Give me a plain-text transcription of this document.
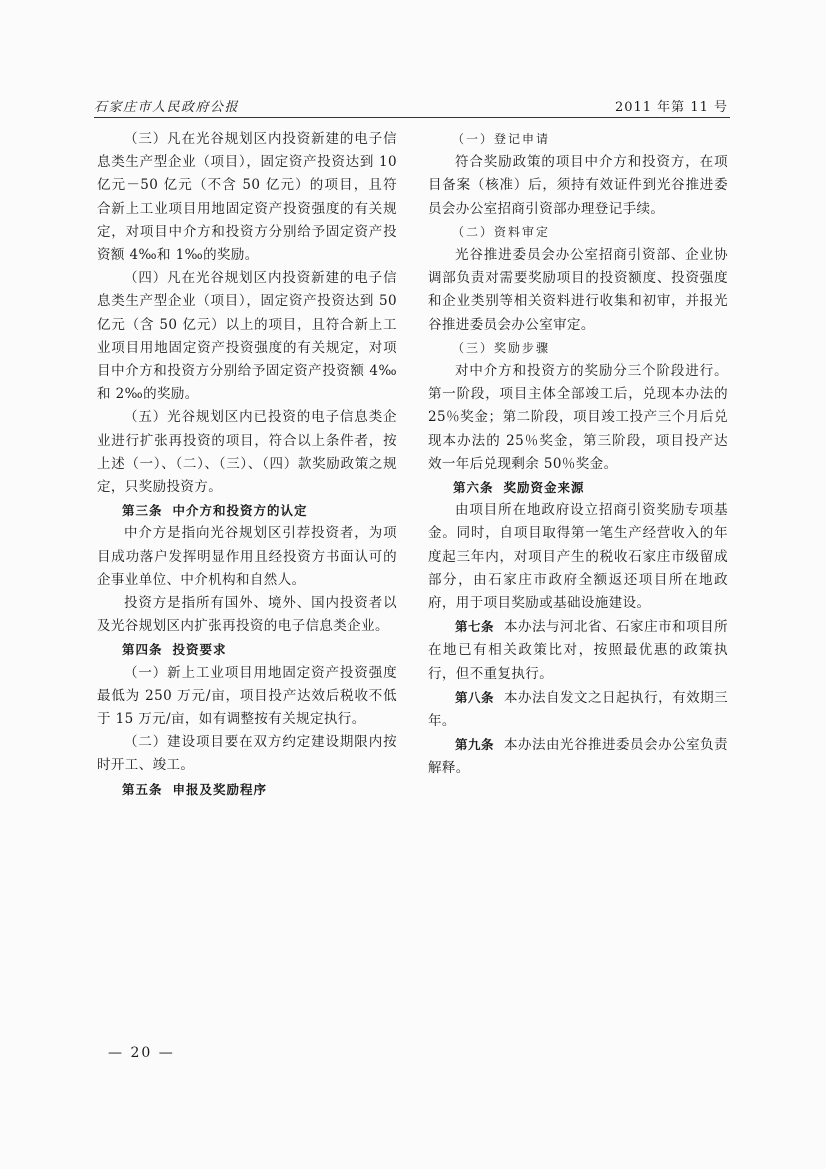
石家庄市人民政府公报	2011 年第 11 号

（三）凡在光谷规划区内投资新建的电子信息类生产型企业（项目），固定资产投资达到 10 亿元－50 亿元（不含 50 亿元）的项目，且符合新上工业项目用地固定资产投资强度的有关规定，对项目中介方和投资方分别给予固定资产投资额 4‰和 1‰的奖励。

（四）凡在光谷规划区内投资新建的电子信息类生产型企业（项目），固定资产投资达到 50 亿元（含 50 亿元）以上的项目，且符合新上工业项目用地固定资产投资强度的有关规定，对项目中介方和投资方分别给予固定资产投资额 4‰和 2‰的奖励。

（五）光谷规划区内已投资的电子信息类企业进行扩张再投资的项目，符合以上条件者，按上述（一）、（二）、（三）、（四）款奖励政策之规定，只奖励投资方。

第三条 中介方和投资方的认定

中介方是指向光谷规划区引荐投资者，为项目成功落户发挥明显作用且经投资方书面认可的企事业单位、中介机构和自然人。

投资方是指所有国外、境外、国内投资者以及光谷规划区内扩张再投资的电子信息类企业。

第四条 投资要求

（一）新上工业项目用地固定资产投资强度最低为 250 万元/亩，项目投产达效后税收不低于 15 万元/亩，如有调整按有关规定执行。

（二）建设项目要在双方约定建设期限内按时开工、竣工。

第五条 申报及奖励程序

（一）登记申请

符合奖励政策的项目中介方和投资方，在项目备案（核准）后，须持有效证件到光谷推进委员会办公室招商引资部办理登记手续。

（二）资料审定

光谷推进委员会办公室招商引资部、企业协调部负责对需要奖励项目的投资额度、投资强度和企业类别等相关资料进行收集和初审，并报光谷推进委员会办公室审定。

（三）奖励步骤

对中介方和投资方的奖励分三个阶段进行。第一阶段，项目主体全部竣工后，兑现本办法的 25％奖金；第二阶段，项目竣工投产三个月后兑现本办法的 25％奖金，第三阶段，项目投产达效一年后兑现剩余 50％奖金。

第六条 奖励资金来源

由项目所在地政府设立招商引资奖励专项基金。同时，自项目取得第一笔生产经营收入的年度起三年内，对项目产生的税收石家庄市级留成部分，由石家庄市政府全额返还项目所在地政府，用于项目奖励或基础设施建设。

第七条 本办法与河北省、石家庄市和项目所在地已有相关政策比对，按照最优惠的政策执行，但不重复执行。

第八条 本办法自发文之日起执行，有效期三年。

第九条 本办法由光谷推进委员会办公室负责解释。

— 20 —
